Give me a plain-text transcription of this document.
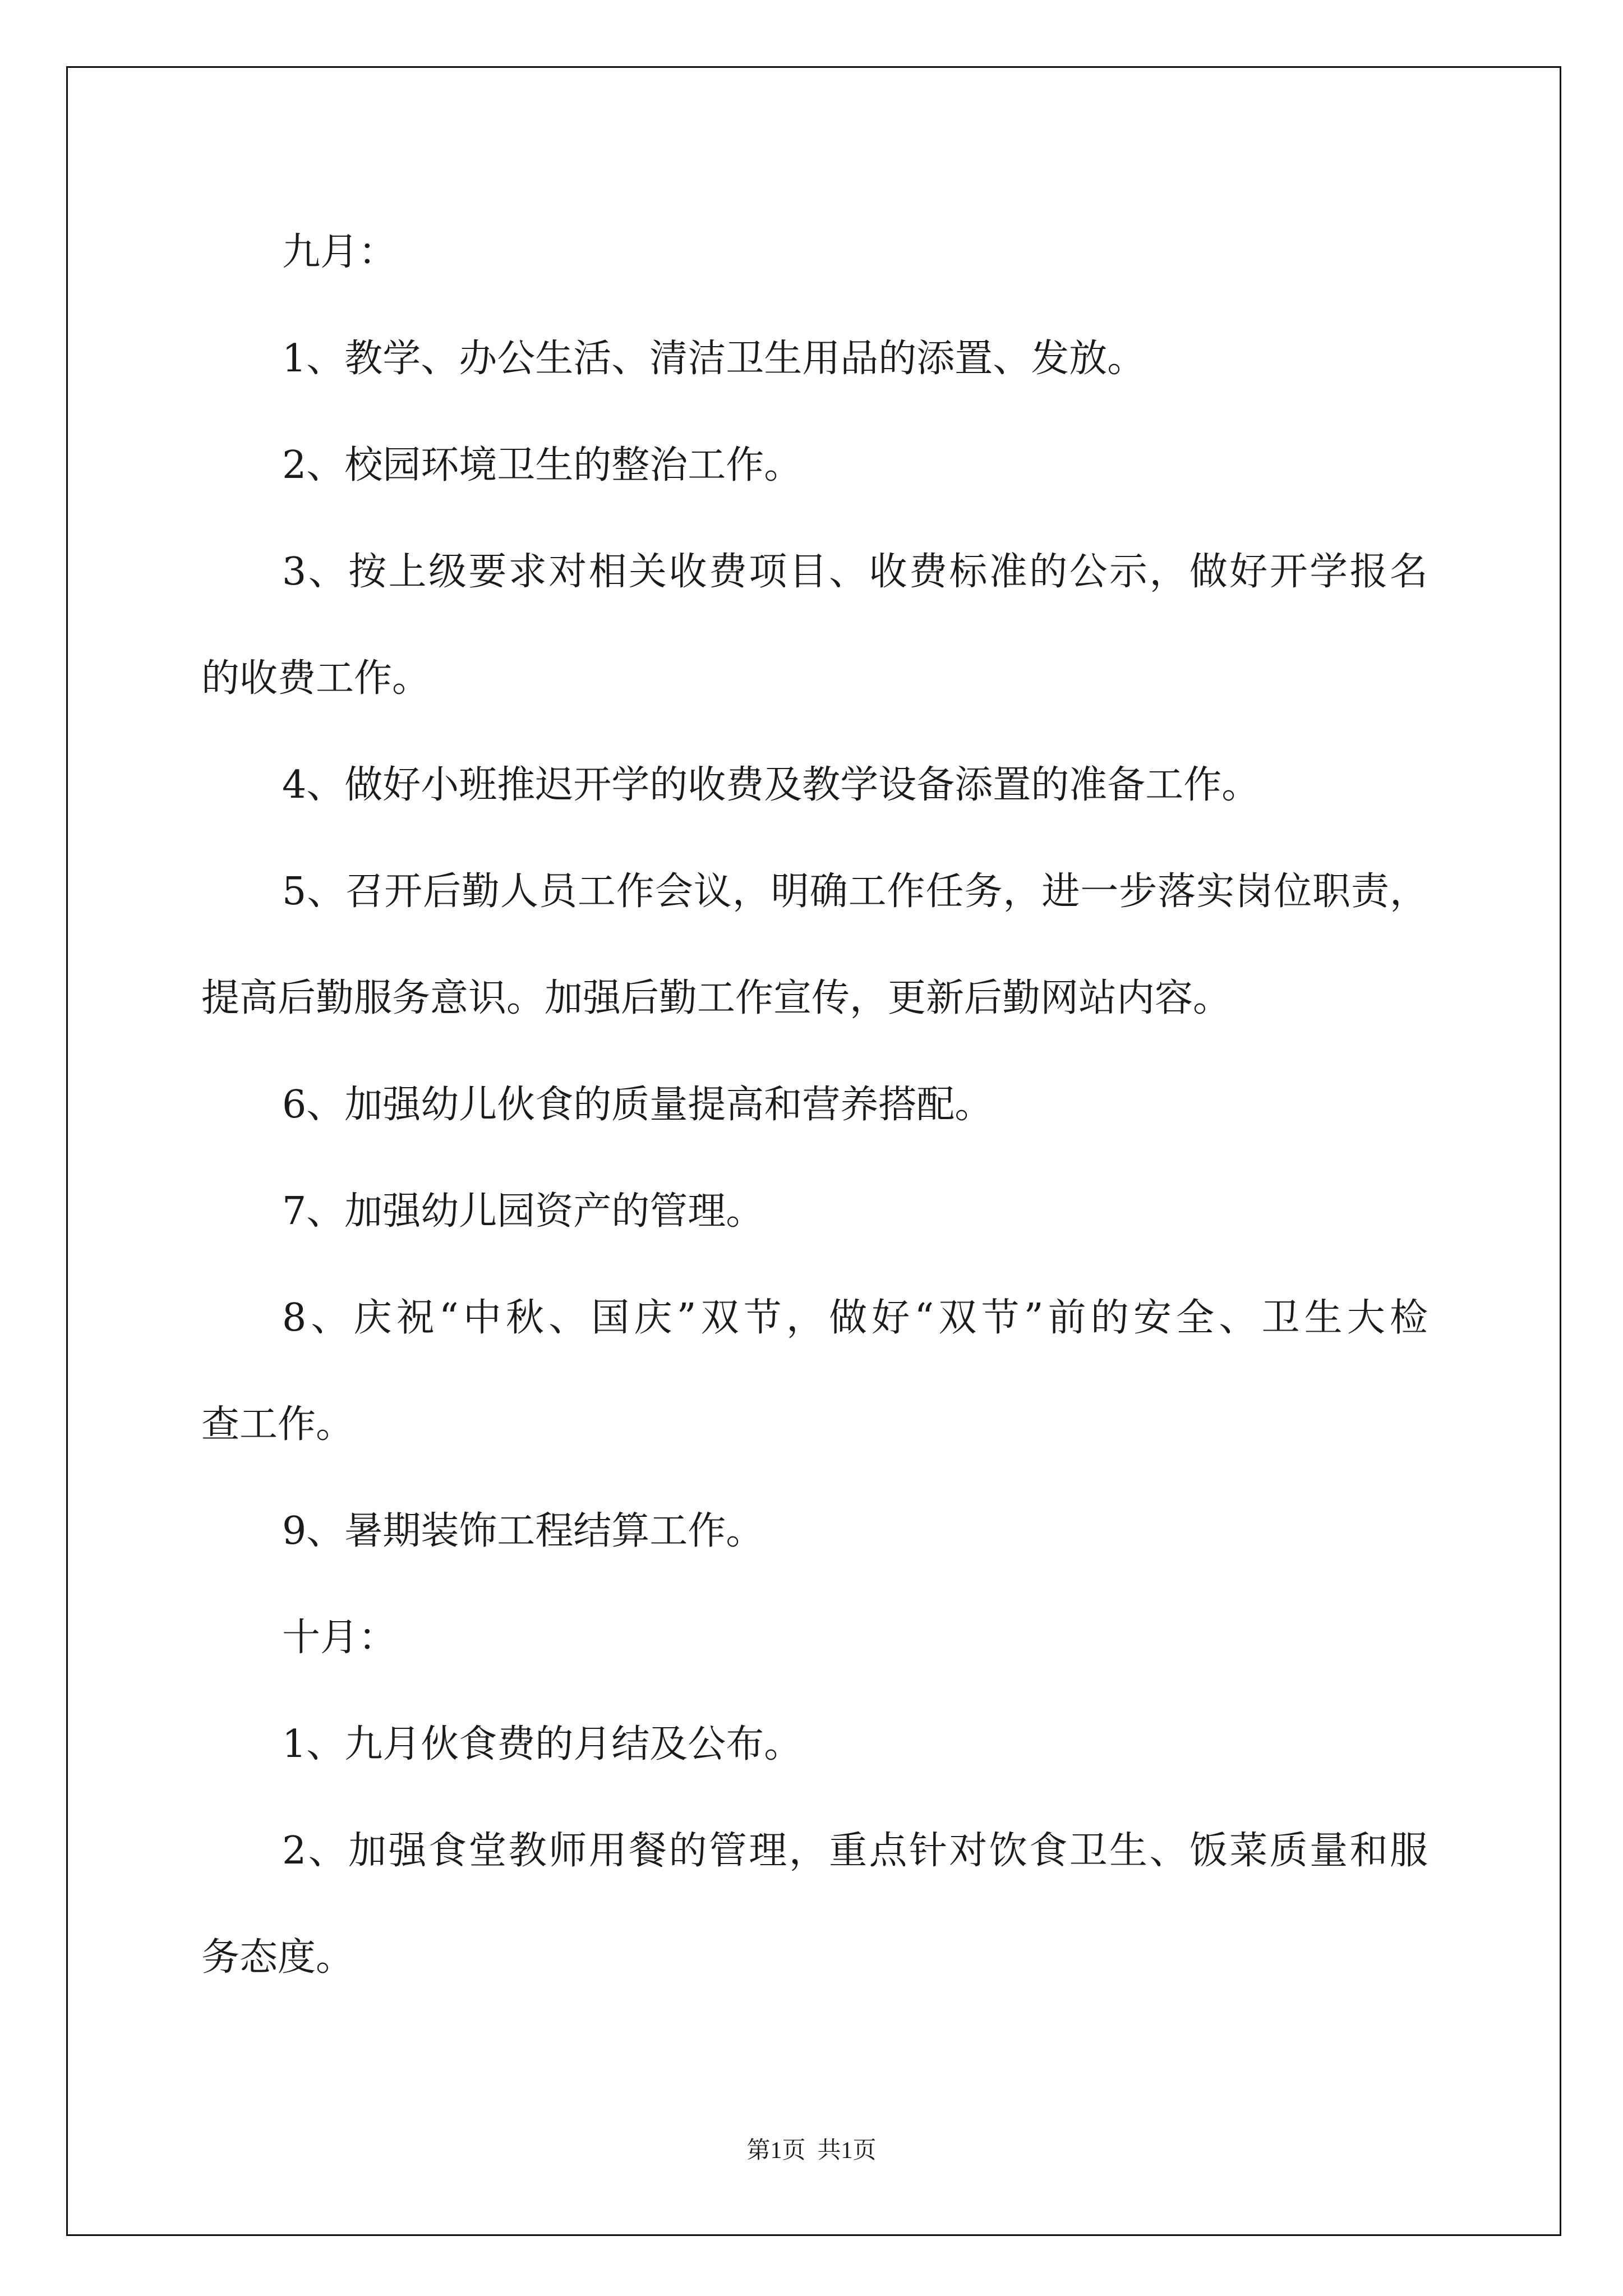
九月：
1、教学、办公生活、清洁卫生用品的添置、发放。
2、校园环境卫生的整治工作。
3、按上级要求对相关收费项目、收费标准的公示，做好开学报名
的收费工作。
4、做好小班推迟开学的收费及教学设备添置的准备工作。
5、召开后勤人员工作会议，明确工作任务，进一步落实岗位职责，
提高后勤服务意识。加强后勤工作宣传，更新后勤网站内容。
6、加强幼儿伙食的质量提高和营养搭配。
7、加强幼儿园资产的管理。
8、庆祝“中秋、国庆”双节，做好“双节”前的安全、卫生大检
查工作。
9、暑期装饰工程结算工作。
十月：
1、九月伙食费的月结及公布。
2、加强食堂教师用餐的管理，重点针对饮食卫生、饭菜质量和服
务态度。
第1页  共1页
